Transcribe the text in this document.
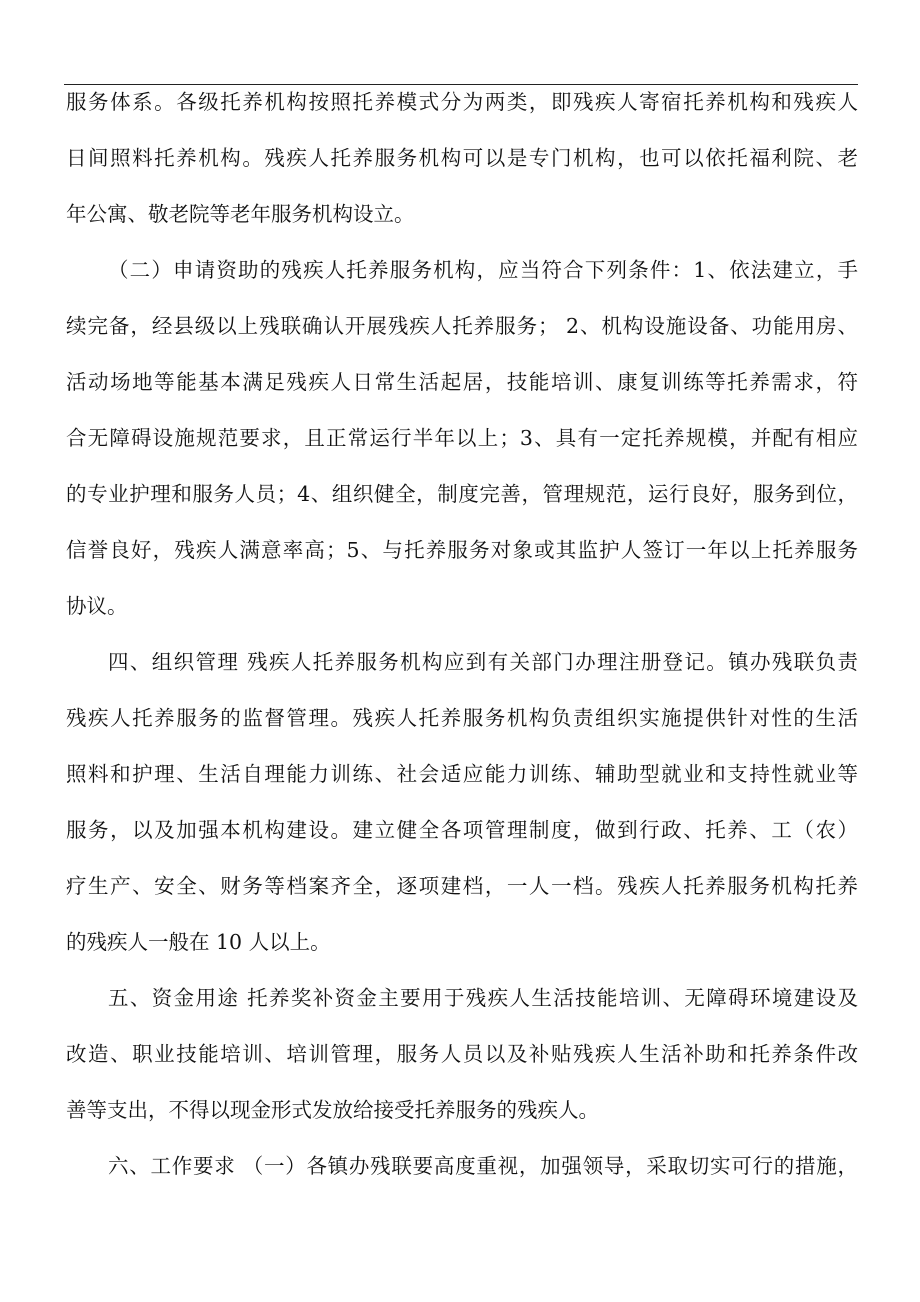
服务体系。各级托养机构按照托养模式分为两类，即残疾人寄宿托养机构和残疾人
日间照料托养机构。残疾人托养服务机构可以是专门机构，也可以依托福利院、老
年公寓、敬老院等老年服务机构设立。
（二）申请资助的残疾人托养服务机构，应当符合下列条件：1、依法建立，手
续完备，经县级以上残联确认开展残疾人托养服务； 2、机构设施设备、功能用房、
活动场地等能基本满足残疾人日常生活起居，技能培训、康复训练等托养需求，符
合无障碍设施规范要求，且正常运行半年以上；3、具有一定托养规模，并配有相应
的专业护理和服务人员；4、组织健全，制度完善，管理规范，运行良好，服务到位，
信誉良好，残疾人满意率高；5、与托养服务对象或其监护人签订一年以上托养服务
协议。
四、组织管理 残疾人托养服务机构应到有关部门办理注册登记。镇办残联负责
残疾人托养服务的监督管理。残疾人托养服务机构负责组织实施提供针对性的生活
照料和护理、生活自理能力训练、社会适应能力训练、辅助型就业和支持性就业等
服务，以及加强本机构建设。建立健全各项管理制度，做到行政、托养、工（农）
疗生产、安全、财务等档案齐全，逐项建档，一人一档。残疾人托养服务机构托养
的残疾人一般在 10 人以上。
五、资金用途 托养奖补资金主要用于残疾人生活技能培训、无障碍环境建设及
改造、职业技能培训、培训管理，服务人员以及补贴残疾人生活补助和托养条件改
善等支出，不得以现金形式发放给接受托养服务的残疾人。
六、工作要求 （一）各镇办残联要高度重视，加强领导，采取切实可行的措施，
